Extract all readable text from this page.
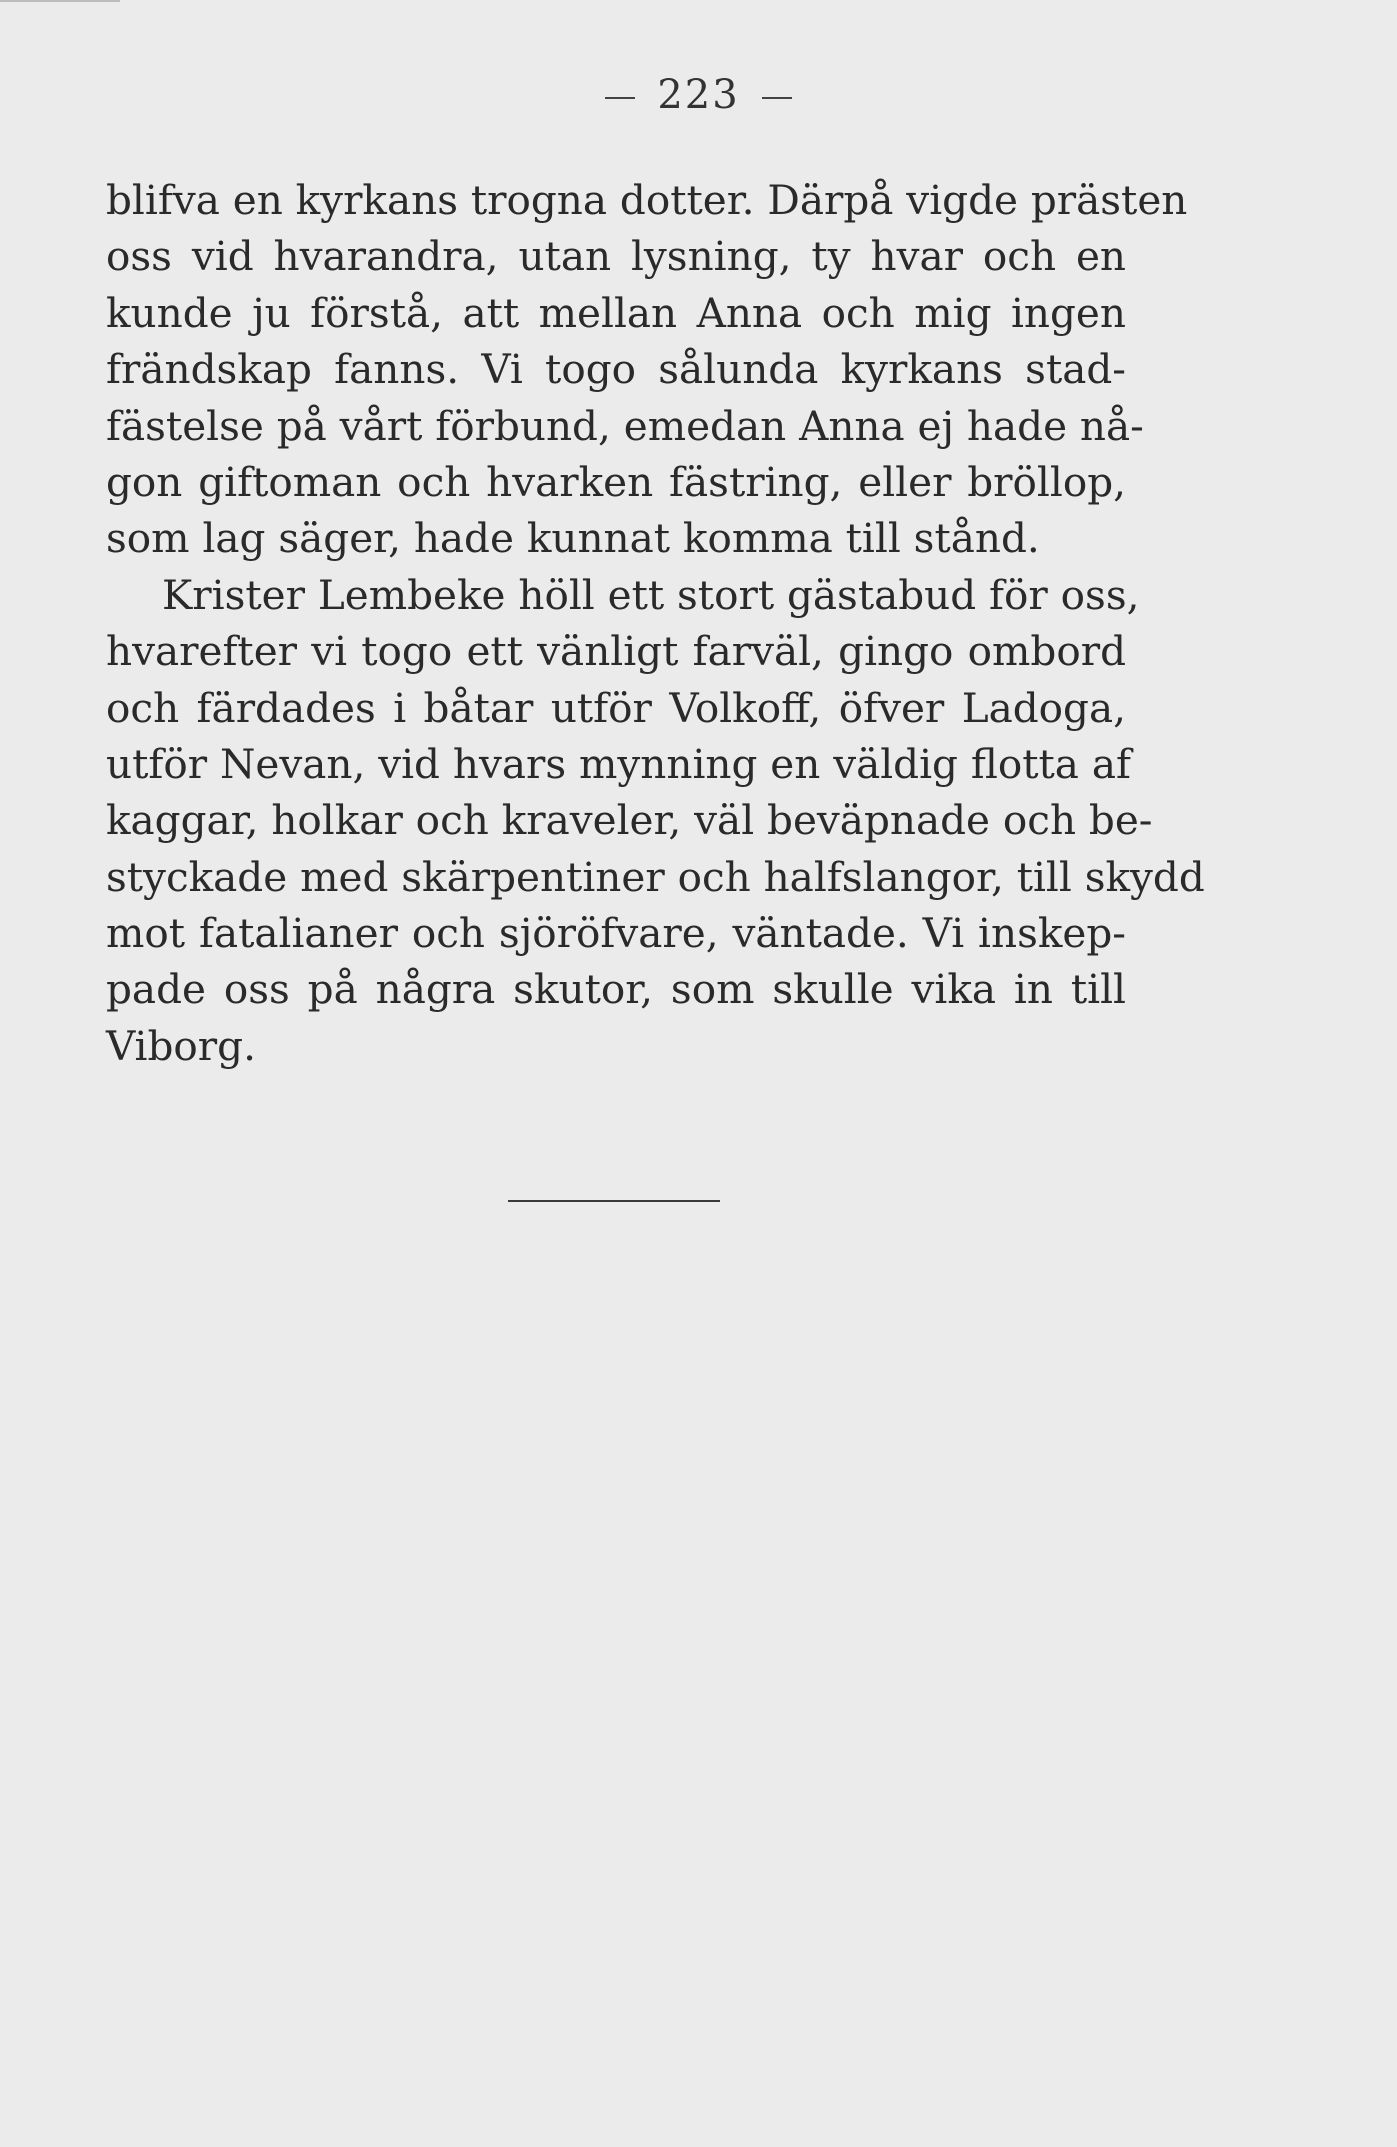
223
blifva en kyrkans trogna dotter. Därpå vigde prästen
oss vid hvarandra, utan lysning, ty hvar och en
kunde ju förstå, att mellan Anna och mig ingen
frändskap fanns. Vi togo sålunda kyrkans stad-
fästelse på vårt förbund, emedan Anna ej hade nå-
gon giftoman och hvarken fästring, eller bröllop,
som lag säger, hade kunnat komma till stånd.
Krister Lembeke höll ett stort gästabud för oss,
hvarefter vi togo ett vänligt farväl, gingo ombord
och färdades i båtar utför Volkoff, öfver Ladoga,
utför Nevan, vid hvars mynning en väldig flotta af
kaggar, holkar och kraveler, väl beväpnade och be-
styckade med skärpentiner och halfslangor, till skydd
mot fatalianer och sjöröfvare, väntade. Vi inskep-
pade oss på några skutor, som skulle vika in till
Viborg.
